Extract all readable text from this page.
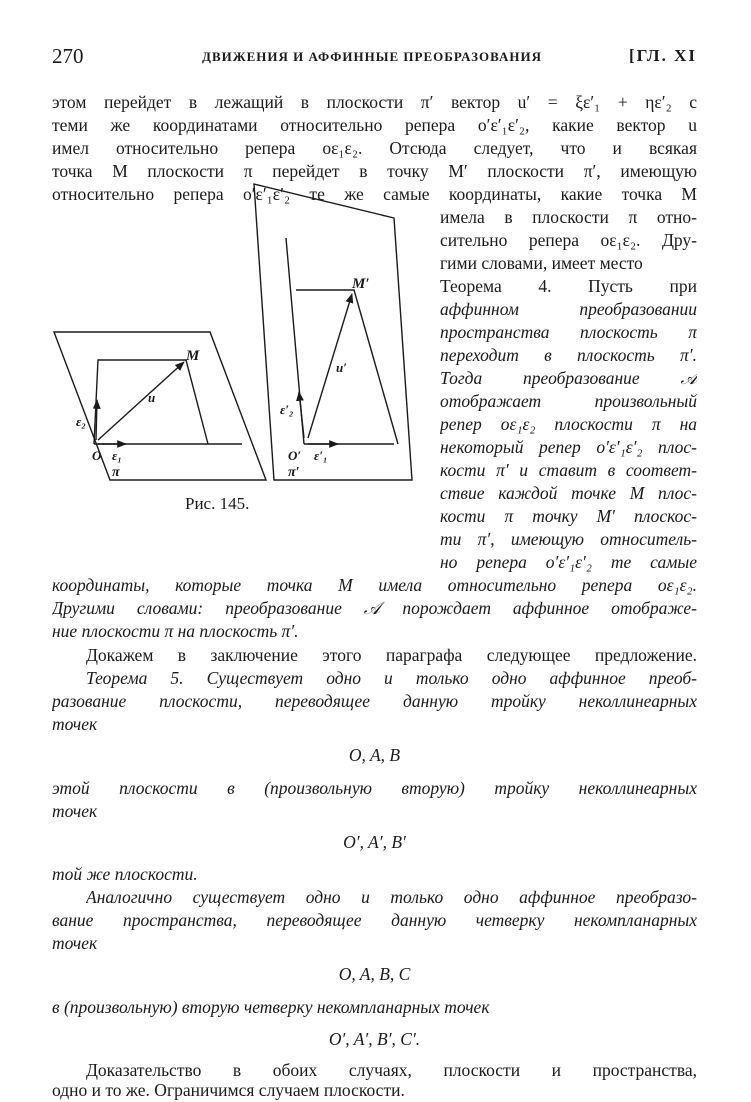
270	ДВИЖЕНИЯ И АФФИННЫЕ ПРЕОБРАЗОВАНИЯ	[ГЛ. XI
этом перейдет в лежащий в плоскости π′ вектор u′ = ξε′₁ + ηε′₂ с
теми же координатами относительно репера o′ε′₁ε′₂, какие вектор u
имел относительно репера oε₁ε₂. Отсюда следует, что и всякая
точка M плоскости π перейдет в точку M′ плоскости π′, имеющую
относительно репера o′ε′₁ε′₂ те же самые координаты, какие точка M
имела в плоскости π отно-
сительно репера oε₁ε₂. Дру-
гими словами, имеет место
Теорема 4. Пусть при
аффинном преобразовании
пространства плоскость π
переходит в плоскость π′.
Тогда преобразование 𝒜
отображает произвольный
репер oε₁ε₂ плоскости π на
некоторый репер o′ε′₁ε′₂ плос-
кости π′ и ставит в соответ-
ствие каждой точке M плос-
кости π точку M′ плоскос-
ти π′, имеющую относитель-
но репера o′ε′₁ε′₂ те самые
координаты, которые точка M имела относительно репера oε₁ε₂.
Другими словами: преобразование 𝒜 порождает аффинное отображе-
ние плоскости π на плоскость π′.
Докажем в заключение этого параграфа следующее предложение.
Теорема 5. Существует одно и только одно аффинное преоб-
разование плоскости, переводящее данную тройку неколлинеарных
точек
O, A, B
этой плоскости в (произвольную вторую) тройку неколлинеарных
точек
O′, A′, B′
той же плоскости.
Аналогично существует одно и только одно аффинное преобразо-
вание пространства, переводящее данную четверку некомпланарных
точек
O, A, B, C
в (произвольную) вторую четверку некомпланарных точек
O′, A′, B′, C′.
Доказательство в обоих случаях, плоскости и пространства,
одно и то же. Ограничимся случаем плоскости.
M
u
ε₂
O ε₁
π
M′
u′
ε′₂
O′ ε′₁
π′
Рис. 145.
